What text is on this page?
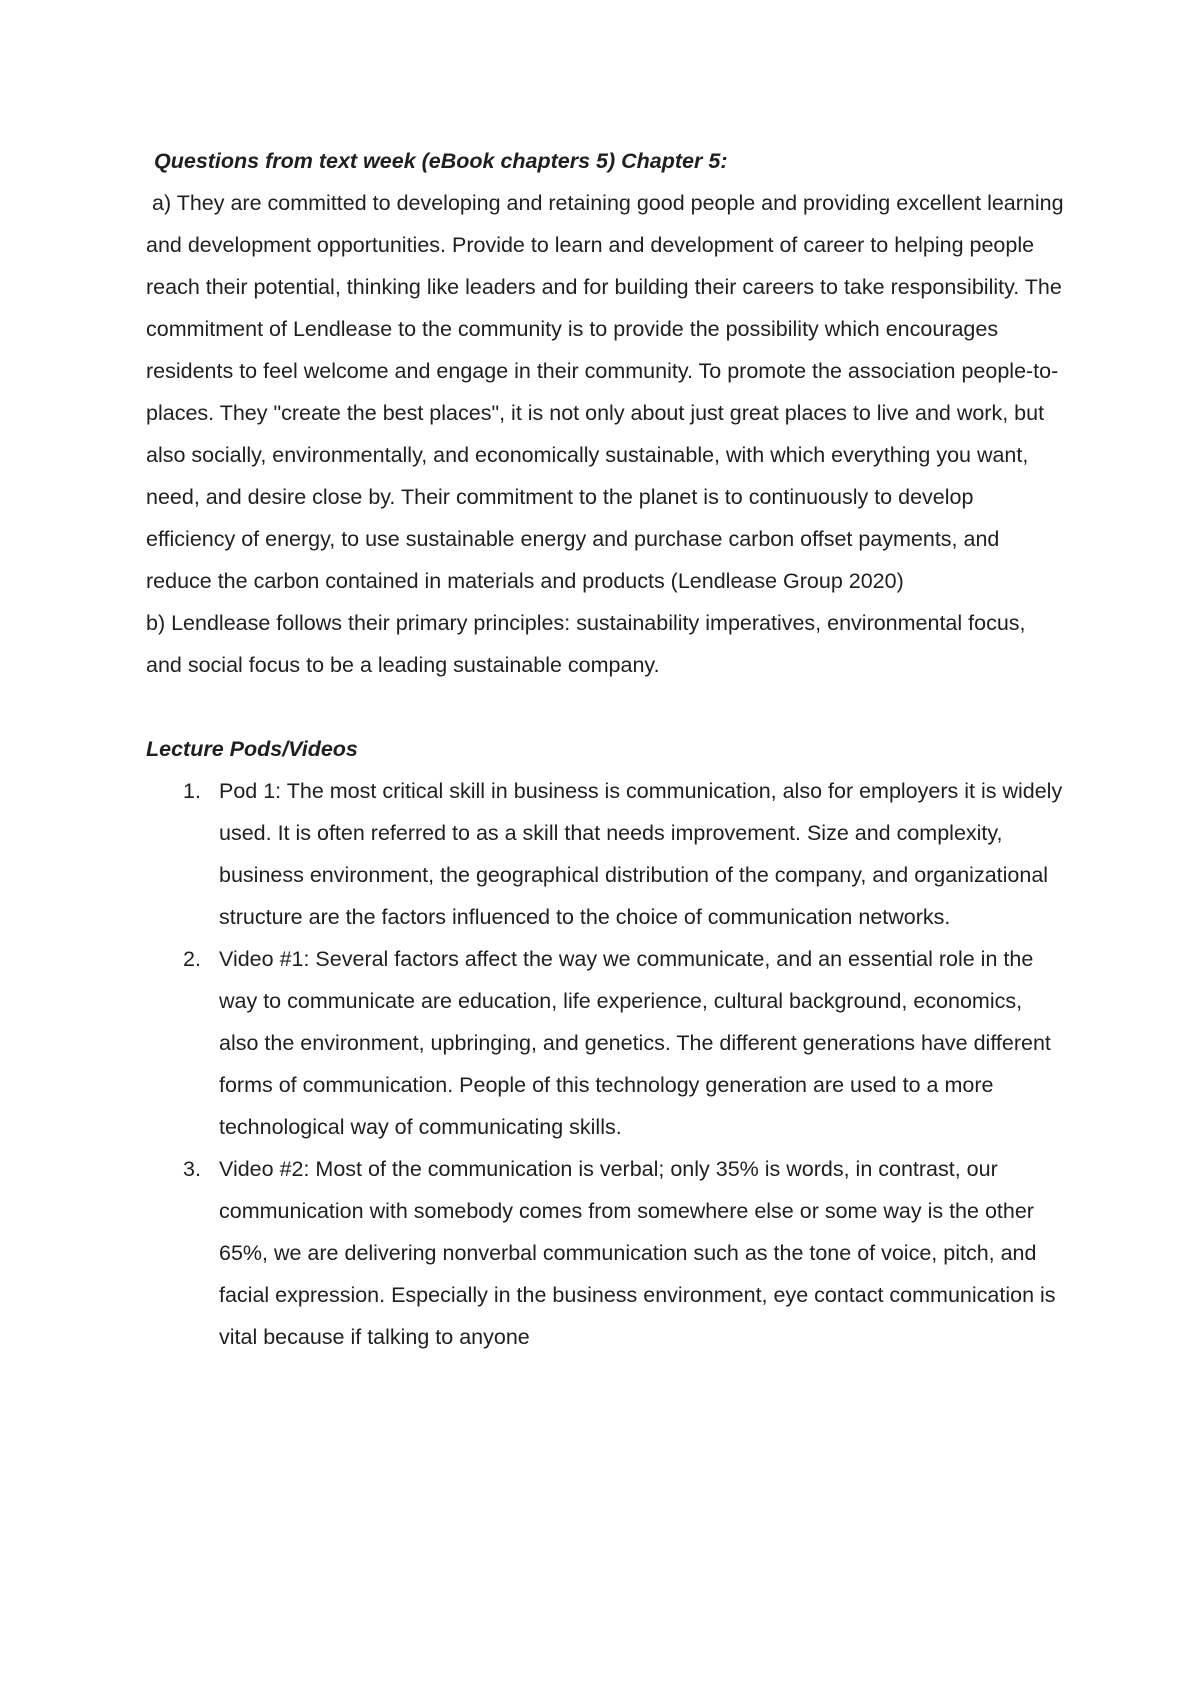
Questions from text week (eBook chapters 5) Chapter 5:

a) They are committed to developing and retaining good people and providing excellent learning and development opportunities. Provide to learn and development of career to helping people reach their potential, thinking like leaders and for building their careers to take responsibility. The commitment of Lendlease to the community is to provide the possibility which encourages residents to feel welcome and engage in their community. To promote the association people-to-places. They "create the best places", it is not only about just great places to live and work, but also socially, environmentally, and economically sustainable, with which everything you want, need, and desire close by. Their commitment to the planet is to continuously to develop efficiency of energy, to use sustainable energy and purchase carbon offset payments, and reduce the carbon contained in materials and products (Lendlease Group 2020)

b) Lendlease follows their primary principles: sustainability imperatives, environmental focus, and social focus to be a leading sustainable company.

Lecture Pods/Videos

1. Pod 1: The most critical skill in business is communication, also for employers it is widely used. It is often referred to as a skill that needs improvement. Size and complexity, business environment, the geographical distribution of the company, and organizational structure are the factors influenced to the choice of communication networks.
2. Video #1: Several factors affect the way we communicate, and an essential role in the way to communicate are education, life experience, cultural background, economics, also the environment, upbringing, and genetics. The different generations have different forms of communication. People of this technology generation are used to a more technological way of communicating skills.
3. Video #2: Most of the communication is verbal; only 35% is words, in contrast, our communication with somebody comes from somewhere else or some way is the other 65%, we are delivering nonverbal communication such as the tone of voice, pitch, and facial expression. Especially in the business environment, eye contact communication is vital because if talking to anyone
